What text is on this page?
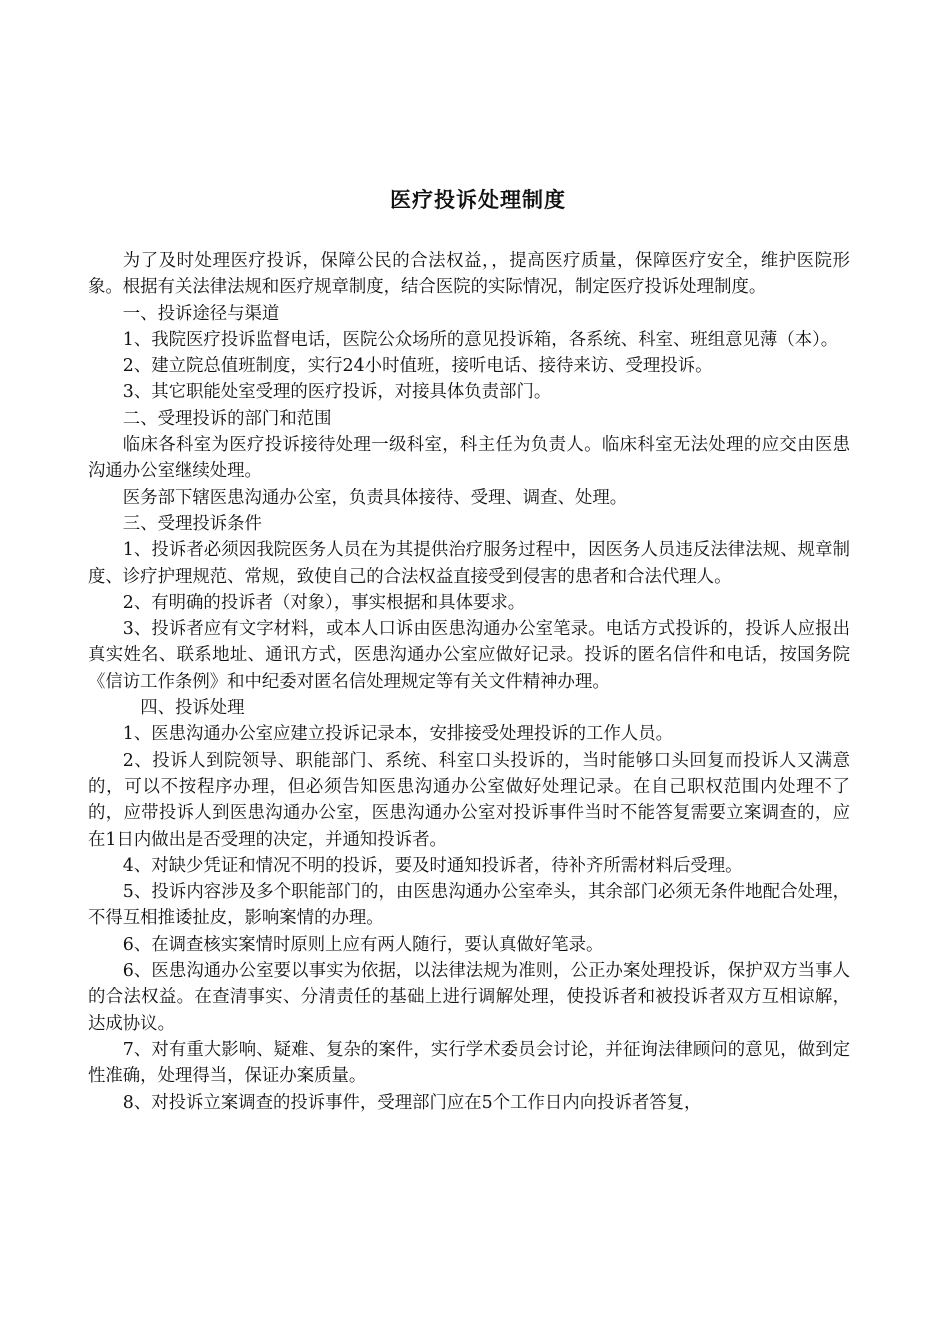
医疗投诉处理制度

为了及时处理医疗投诉，保障公民的合法权益，，提高医疗质量，保障医疗安全，维护医院形象。根据有关法律法规和医疗规章制度，结合医院的实际情况，制定医疗投诉处理制度。

一、投诉途径与渠道

1、我院医疗投诉监督电话，医院公众场所的意见投诉箱，各系统、科室、班组意见薄（本）。

2、建立院总值班制度，实行24小时值班，接听电话、接待来访、受理投诉。

3、其它职能处室受理的医疗投诉，对接具体负责部门。

二、受理投诉的部门和范围

临床各科室为医疗投诉接待处理一级科室，科主任为负责人。临床科室无法处理的应交由医患沟通办公室继续处理。

医务部下辖医患沟通办公室，负责具体接待、受理、调查、处理。

三、受理投诉条件

1、投诉者必须因我院医务人员在为其提供治疗服务过程中，因医务人员违反法律法规、规章制度、诊疗护理规范、常规，致使自己的合法权益直接受到侵害的患者和合法代理人。

2、有明确的投诉者（对象），事实根据和具体要求。

3、投诉者应有文字材料，或本人口诉由医患沟通办公室笔录。电话方式投诉的，投诉人应报出真实姓名、联系地址、通讯方式，医患沟通办公室应做好记录。投诉的匿名信件和电话，按国务院《信访工作条例》和中纪委对匿名信处理规定等有关文件精神办理。

四、投诉处理

1、医患沟通办公室应建立投诉记录本，安排接受处理投诉的工作人员。

2、投诉人到院领导、职能部门、系统、科室口头投诉的，当时能够口头回复而投诉人又满意的，可以不按程序办理，但必须告知医患沟通办公室做好处理记录。在自己职权范围内处理不了的，应带投诉人到医患沟通办公室，医患沟通办公室对投诉事件当时不能答复需要立案调查的，应在1日内做出是否受理的决定，并通知投诉者。

4、对缺少凭证和情况不明的投诉，要及时通知投诉者，待补齐所需材料后受理。

5、投诉内容涉及多个职能部门的，由医患沟通办公室牵头，其余部门必须无条件地配合处理，不得互相推诿扯皮，影响案情的办理。

6、在调查核实案情时原则上应有两人随行，要认真做好笔录。

6、医患沟通办公室要以事实为依据，以法律法规为准则，公正办案处理投诉，保护双方当事人的合法权益。在查清事实、分清责任的基础上进行调解处理，使投诉者和被投诉者双方互相谅解，达成协议。

7、对有重大影响、疑难、复杂的案件，实行学术委员会讨论，并征询法律顾问的意见，做到定性准确，处理得当，保证办案质量。

8、对投诉立案调查的投诉事件，受理部门应在5个工作日内向投诉者答复，
